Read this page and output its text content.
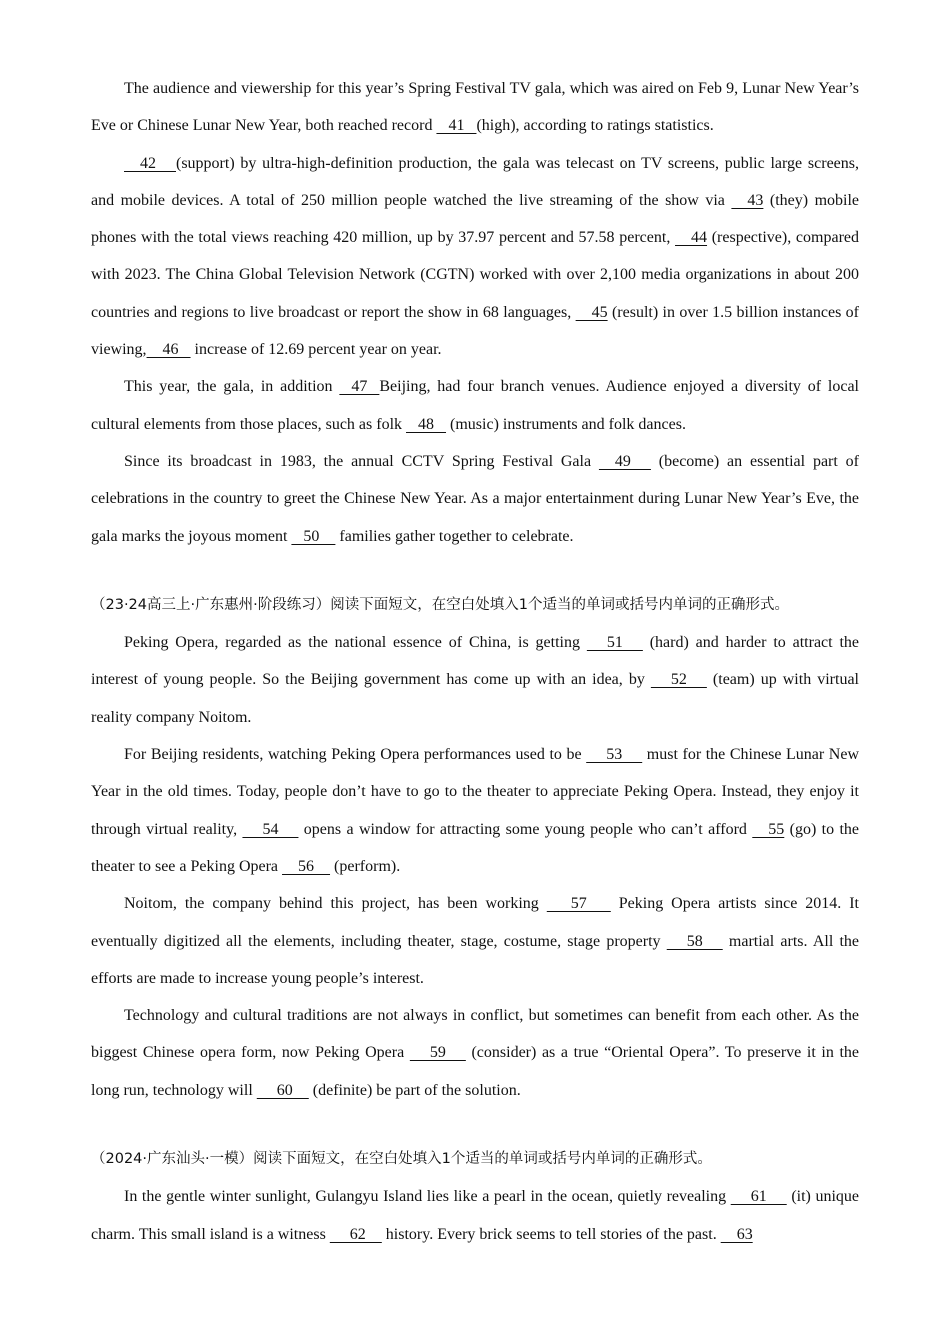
The audience and viewership for this year’s Spring Festival TV gala, which was aired on Feb 9, Lunar New Year’s Eve or Chinese Lunar New Year, both reached record    41   (high), according to ratings statistics.

42     (support) by ultra-high-definition production, the gala was telecast on TV screens, public large screens, and mobile devices. A total of 250 million people watched the live streaming of the show via     43 (they) mobile phones with the total views reaching 420 million, up by 37.97 percent and 57.58 percent,     44 (respective), compared with 2023. The China Global Television Network (CGTN) worked with over 2,100 media organizations in about 200 countries and regions to live broadcast or report the show in 68 languages,     45 (result) in over 1.5 billion instances of viewing,    46    increase of 12.69 percent year on year.

This year, the gala, in addition    47   Beijing, had four branch venues. Audience enjoyed a diversity of local cultural elements from those places, such as folk    48    (music) instruments and folk dances.

Since its broadcast in 1983, the annual CCTV Spring Festival Gala     49      (become) an essential part of celebrations in the country to greet the Chinese New Year. As a major entertainment during Lunar New Year’s Eve, the gala marks the joyous moment    50     families gather together to celebrate.

（23·24高三上·广东惠州·阶段练习）阅读下面短文，在空白处填入1个适当的单词或括号内单词的正确形式。

Peking Opera, regarded as the national essence of China, is getting      51      (hard) and harder to attract the interest of young people. So the Beijing government has come up with an idea, by      52      (team) up with virtual reality company Noitom.

For Beijing residents, watching Peking Opera performances used to be      53      must for the Chinese Lunar New Year in the old times. Today, people don’t have to go to the theater to appreciate Peking Opera. Instead, they enjoy it through virtual reality,      54      opens a window for attracting some young people who can’t afford     55 (go) to the theater to see a Peking Opera     56     (perform).

Noitom, the company behind this project, has been working       57       Peking Opera artists since 2014. It eventually digitized all the elements, including theater, stage, costume, stage property      58      martial arts. All the efforts are made to increase young people’s interest.

Technology and cultural traditions are not always in conflict, but sometimes can benefit from each other. As the biggest Chinese opera form, now Peking Opera      59      (consider) as a true “Oriental Opera”. To preserve it in the long run, technology will      60     (definite) be part of the solution.

（2024·广东汕头·一模）阅读下面短文，在空白处填入1个适当的单词或括号内单词的正确形式。

In the gentle winter sunlight, Gulangyu Island lies like a pearl in the ocean, quietly revealing      61      (it) unique charm. This small island is a witness      62     history. Every brick seems to tell stories of the past.     63
